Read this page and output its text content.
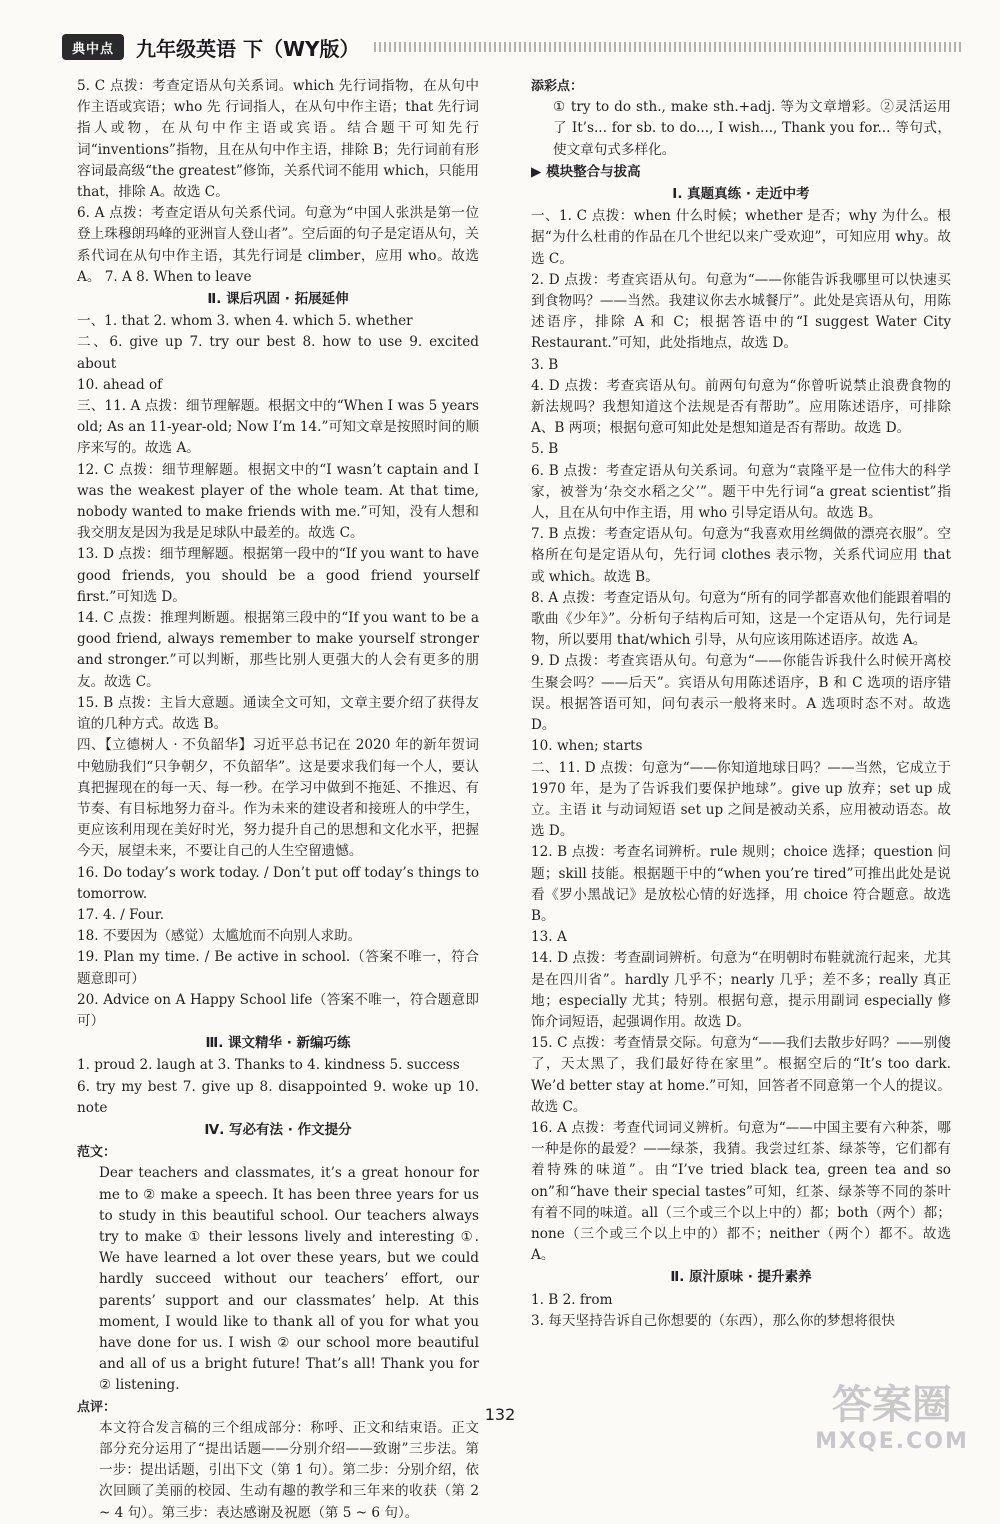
典中点	九年级英语 下（WY版）
5. C 点拨：考查定语从句关系词。which 先行词指物，在从句中作主语或宾语；who 先 行词指人，在从句中作主语；that 先行词指人或物，在从句中作主语或宾语。结合题干可知先行词“inventions”指物，且在从句中作主语，排除 B；先行词前有形容词最高级“the greatest”修饰，关系代词不能用 which，只能用 that，排除 A。故选 C。
6. A 点拨：考查定语从句关系代词。句意为“中国人张洪是第一位登上珠穆朗玛峰的亚洲盲人登山者”。空后面的句子是定语从句，关系代词在从句中作主语，其先行词是 climber，应用 who。故选 A。 7. A 8. When to leave
Ⅱ. 课后巩固 · 拓展延伸
一、1. that 2. whom 3. when 4. which 5. whether
二、6. give up 7. try our best 8. how to use 9. excited about
10. ahead of
三、11. A 点拨：细节理解题。根据文中的“When I was 5 years old; As an 11-year-old; Now I’m 14.”可知文章是按照时间的顺序来写的。故选 A。
12. C 点拨：细节理解题。根据文中的“I wasn’t captain and I was the weakest player of the whole team. At that time, nobody wanted to make friends with me.”可知，没有人想和我交朋友是因为我是足球队中最差的。故选 C。
13. D 点拨：细节理解题。根据第一段中的“If you want to have good friends, you should be a good friend yourself first.”可知选 D。
14. C 点拨：推理判断题。根据第三段中的“If you want to be a good friend, always remember to make yourself stronger and stronger.”可以判断，那些比别人更强大的人会有更多的朋友。故选 C。
15. B 点拨：主旨大意题。通读全文可知，文章主要介绍了获得友谊的几种方式。故选 B。
四、【立德树人 · 不负韶华】习近平总书记在 2020 年的新年贺词中勉励我们“只争朝夕，不负韶华”。这是要求我们每一个人，要认真把握现在的每一天、每一秒。在学习中做到不拖延、不推迟、有节奏、有目标地努力奋斗。作为未来的建设者和接班人的中学生，更应该利用现在美好时光，努力提升自己的思想和文化水平，把握今天，展望未来，不要让自己的人生空留遗憾。
16. Do today’s work today. / Don’t put off today’s things to tomorrow.
17. 4. / Four.
18. 不要因为（感觉）太尴尬而不向别人求助。
19. Plan my time. / Be active in school.（答案不唯一，符合题意即可）
20. Advice on A Happy School life（答案不唯一，符合题意即可）
Ⅲ. 课文精华 · 新编巧练
1. proud 2. laugh at 3. Thanks to 4. kindness 5. success
6. try my best 7. give up 8. disappointed 9. woke up 10. note
Ⅳ. 写必有法 · 作文提分
范文：
Dear teachers and classmates, it’s a great honour for me to ② make a speech. It has been three years for us to study in this beautiful school. Our teachers always try to make ① their lessons lively and interesting ①. We have learned a lot over these years, but we could hardly succeed without our teachers’ effort, our parents’ support and our classmates’ help. At this moment, I would like to thank all of you for what you have done for us. I wish ② our school more beautiful and all of us a bright future! That’s all! Thank you for ② listening.
点评：
本文符合发言稿的三个组成部分：称呼、正文和结束语。正文部分充分运用了“提出话题——分别介绍——致谢”三步法。第一步：提出话题，引出下文（第 1 句）。第二步：分别介绍，依次回顾了美丽的校园、生动有趣的教学和三年来的收获（第 2 ~ 4 句）。第三步：表达感谢及祝愿（第 5 ~ 6 句）。
添彩点：
① try to do sth., make sth.+adj. 等为文章增彩。②灵活运用了 It’s... for sb. to do..., I wish..., Thank you for... 等句式，使文章句式多样化。
▶ 模块整合与拔高
Ⅰ. 真题真练 · 走近中考
一、1. C 点拨：when 什么时候；whether 是否；why 为什么。根据“为什么杜甫的作品在几个世纪以来广受欢迎”，可知应用 why。故选 C。
2. D 点拨：考查宾语从句。句意为“——你能告诉我哪里可以快速买到食物吗？——当然。我建议你去水城餐厅”。此处是宾语从句，用陈述语序，排除 A 和 C；根据答语中的“I suggest Water City Restaurant.”可知，此处指地点，故选 D。
3. B
4. D 点拨：考查宾语从句。前两句句意为“你曾听说禁止浪费食物的新法规吗？我想知道这个法规是否有帮助”。应用陈述语序，可排除 A、B 两项；根据句意可知此处是想知道是否有帮助。故选 D。
5. B
6. B 点拨：考查定语从句关系词。句意为“袁隆平是一位伟大的科学家，被誉为‘杂交水稻之父’”。题干中先行词“a great scientist”指人，且在从句中作主语，用 who 引导定语从句。故选 B。
7. B 点拨：考查定语从句。句意为“我喜欢用丝绸做的漂亮衣服”。空格所在句是定语从句，先行词 clothes 表示物，关系代词应用 that 或 which。故选 B。
8. A 点拨：考查定语从句。句意为“所有的同学都喜欢他们能跟着唱的歌曲《少年》”。分析句子结构后可知，这是一个定语从句，先行词是物，所以要用 that/which 引导，从句应该用陈述语序。故选 A。
9. D 点拨：考查宾语从句。句意为“——你能告诉我什么时候开离校生聚会吗？——后天”。宾语从句用陈述语序，B 和 C 选项的语序错误。根据答语可知，问句表示一般将来时。A 选项时态不对。故选 D。
10. when; starts
二、11. D 点拨：句意为“——你知道地球日吗？——当然，它成立于 1970 年，是为了告诉我们要保护地球”。give up 放弃；set up 成立。主语 it 与动词短语 set up 之间是被动关系，应用被动语态。故选 D。
12. B 点拨：考查名词辨析。rule 规则；choice 选择；question 问题；skill 技能。根据题干中的“when you’re tired”可推出此处是说看《罗小黑战记》是放松心情的好选择，用 choice 符合题意。故选 B。
13. A
14. D 点拨：考查副词辨析。句意为“在明朝时布鞋就流行起来，尤其是在四川省”。hardly 几乎不；nearly 几乎；差不多；really 真正地；especially 尤其；特别。根据句意，提示用副词 especially 修饰介词短语，起强调作用。故选 D。
15. C 点拨：考查情景交际。句意为“——我们去散步好吗？——别傻了，天太黑了，我们最好待在家里”。根据空后的“It’s too dark. We’d better stay at home.”可知，回答者不同意第一个人的提议。故选 C。
16. A 点拨：考查代词词义辨析。句意为“——中国主要有六种茶，哪一种是你的最爱？——绿茶，我猜。我尝过红茶、绿茶等，它们都有着特殊的味道”。由“I’ve tried black tea, green tea and so on”和“have their special tastes”可知，红茶、绿茶等不同的茶叶有着不同的味道。all（三个或三个以上中的）都；both（两个）都；none（三个或三个以上中的）都不；neither（两个）都不。故选 A。
Ⅱ. 原汁原味 · 提升素养
1. B 2. from
3. 每天坚持告诉自己你想要的（东西），那么你的梦想将很快
132	答案圈
MXQE.COM
